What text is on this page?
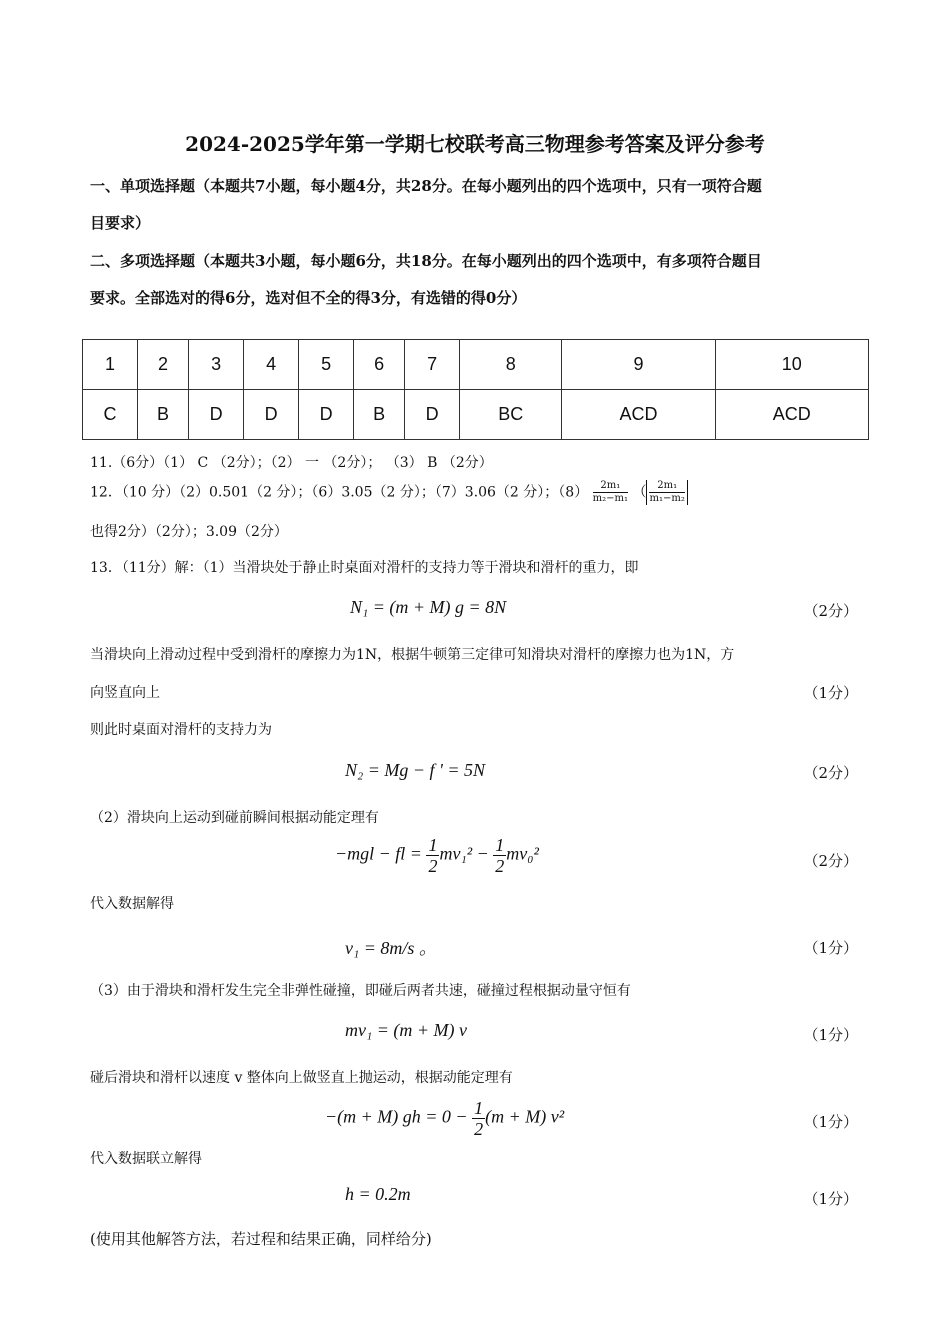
2024-2025学年第一学期七校联考高三物理参考答案及评分参考
一、单项选择题（本题共7小题，每小题4分，共28分。在每小题列出的四个选项中，只有一项符合题
目要求）
二、多项选择题（本题共3小题，每小题6分，共18分。在每小题列出的四个选项中，有多项符合题目
要求。全部选对的得6分，选对但不全的得3分，有选错的得0分）
1	2	3	4	5	6	7	8	9	10
C	B	D	D	D	B	D	BC	ACD	ACD
11.（6分）（1） C （2分）；（2） 一 （2分）； （3） B （2分）
12．（10 分）（2）0.501（2 分）；（6）3.05（2 分）；（7）3.06（2 分）；$(8) \frac{\text{2m₁}}{\text{m₂−m₁}}$ （ $\frac{\text{2m₁}}{\text{m₁−m₂}}$
也得2分）（2分）；3.09（2分）
13．（11分）解：（1）当滑块处于静止时桌面对滑杆的支持力等于滑块和滑杆的重力，即
N₁ = (m + M) g = 8N	（2分）
当滑块向上滑动过程中受到滑杆的摩擦力为1N，根据牛顿第三定律可知滑块对滑杆的摩擦力也为1N，方
向竖直向上	（1分）
则此时桌面对滑杆的支持力为
N₂ = Mg − f ' = 5N	（2分）
（2）滑块向上运动到碰前瞬间根据动能定理有
−mgl − fl = $\frac{1}{2} mv_1^2 - \frac{1}{2} mv_0^2$	（2分）
代入数据解得
v₁ = 8m/s 。	（1分）
（3）由于滑块和滑杆发生完全非弹性碰撞，即碰后两者共速，碰撞过程根据动量守恒有
mv₁ = (m + M) v	（1分）
碰后滑块和滑杆以速度 v 整体向上做竖直上抛运动，根据动能定理有
−(m + M) gh = $0 - \frac{1}{2} (m + M)$ v²	（1分）
代入数据联立解得
h = 0.2m	（1分）
(使用其他解答方法，若过程和结果正确，同样给分)
